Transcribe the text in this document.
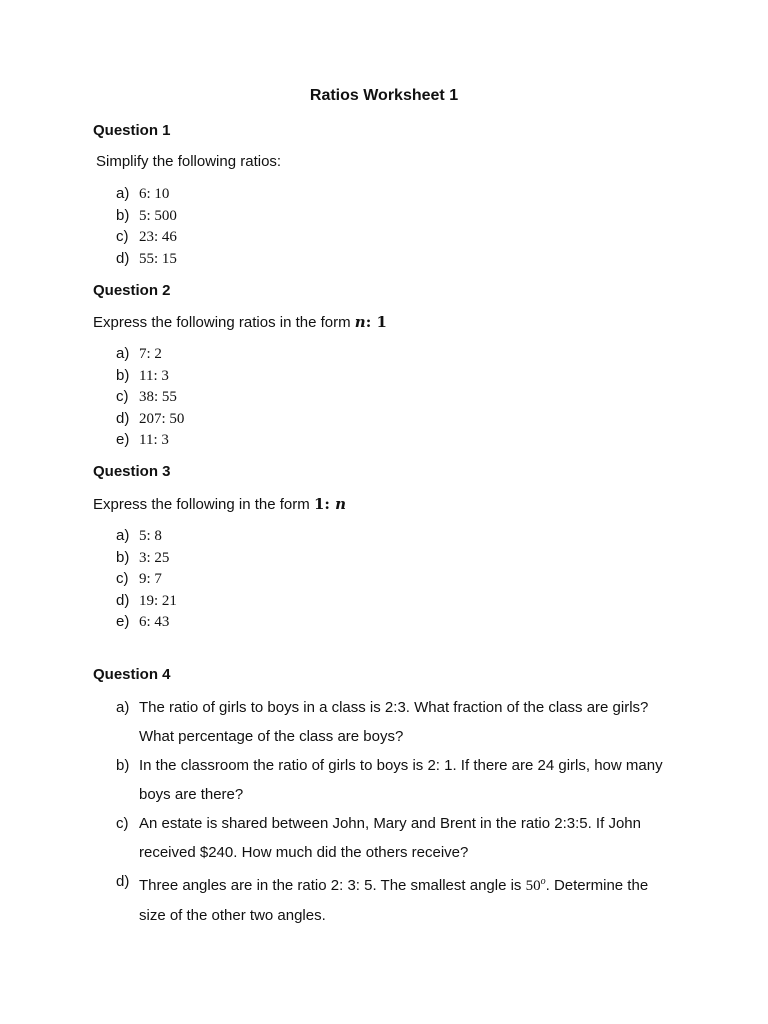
Ratios Worksheet 1
Question 1
Simplify the following ratios:
a) 6: 10
b) 5: 500
c) 23: 46
d) 55: 15
Question 2
Express the following ratios in the form n: 1
a) 7: 2
b) 11: 3
c) 38: 55
d) 207: 50
e) 11: 3
Question 3
Express the following in the form 1: n
a) 5: 8
b) 3: 25
c) 9: 7
d) 19: 21
e) 6: 43
Question 4
a) The ratio of girls to boys in a class is 2:3. What fraction of the class are girls? What percentage of the class are boys?
b) In the classroom the ratio of girls to boys is 2: 1. If there are 24 girls, how many boys are there?
c) An estate is shared between John, Mary and Brent in the ratio 2:3:5. If John received $240. How much did the others receive?
d) Three angles are in the ratio 2: 3: 5. The smallest angle is 50$^o$. Determine the size of the other two angles.
